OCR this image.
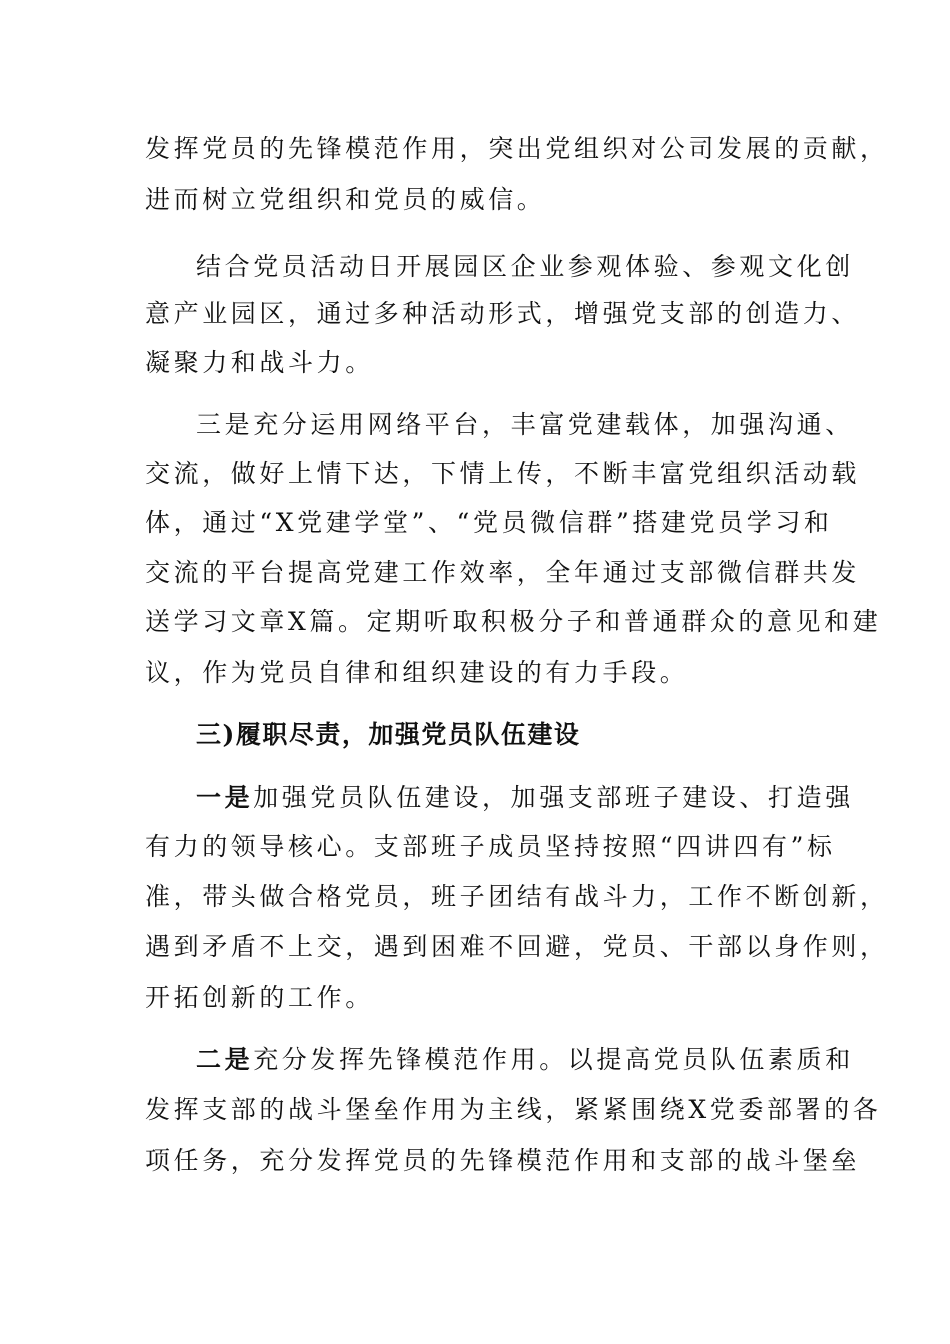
发挥党员的先锋模范作用，突出党组织对公司发展的贡献，
进而树立党组织和党员的威信。
结合党员活动日开展园区企业参观体验、参观文化创
意产业园区，通过多种活动形式，增强党支部的创造力、
凝聚力和战斗力。
三是充分运用网络平台，丰富党建载体，加强沟通、
交流，做好上情下达，下情上传，不断丰富党组织活动载
体，通过“X党建学堂”、“党员微信群”搭建党员学习和
交流的平台提高党建工作效率，全年通过支部微信群共发
送学习文章X篇。定期听取积极分子和普通群众的意见和建
议，作为党员自律和组织建设的有力手段。
三)履职尽责，加强党员队伍建设
一是加强党员队伍建设，加强支部班子建设、打造强
有力的领导核心。支部班子成员坚持按照“四讲四有”标
准，带头做合格党员，班子团结有战斗力，工作不断创新，
遇到矛盾不上交，遇到困难不回避，党员、干部以身作则，
开拓创新的工作。
二是充分发挥先锋模范作用。以提高党员队伍素质和
发挥支部的战斗堡垒作用为主线，紧紧围绕X党委部署的各
项任务，充分发挥党员的先锋模范作用和支部的战斗堡垒
